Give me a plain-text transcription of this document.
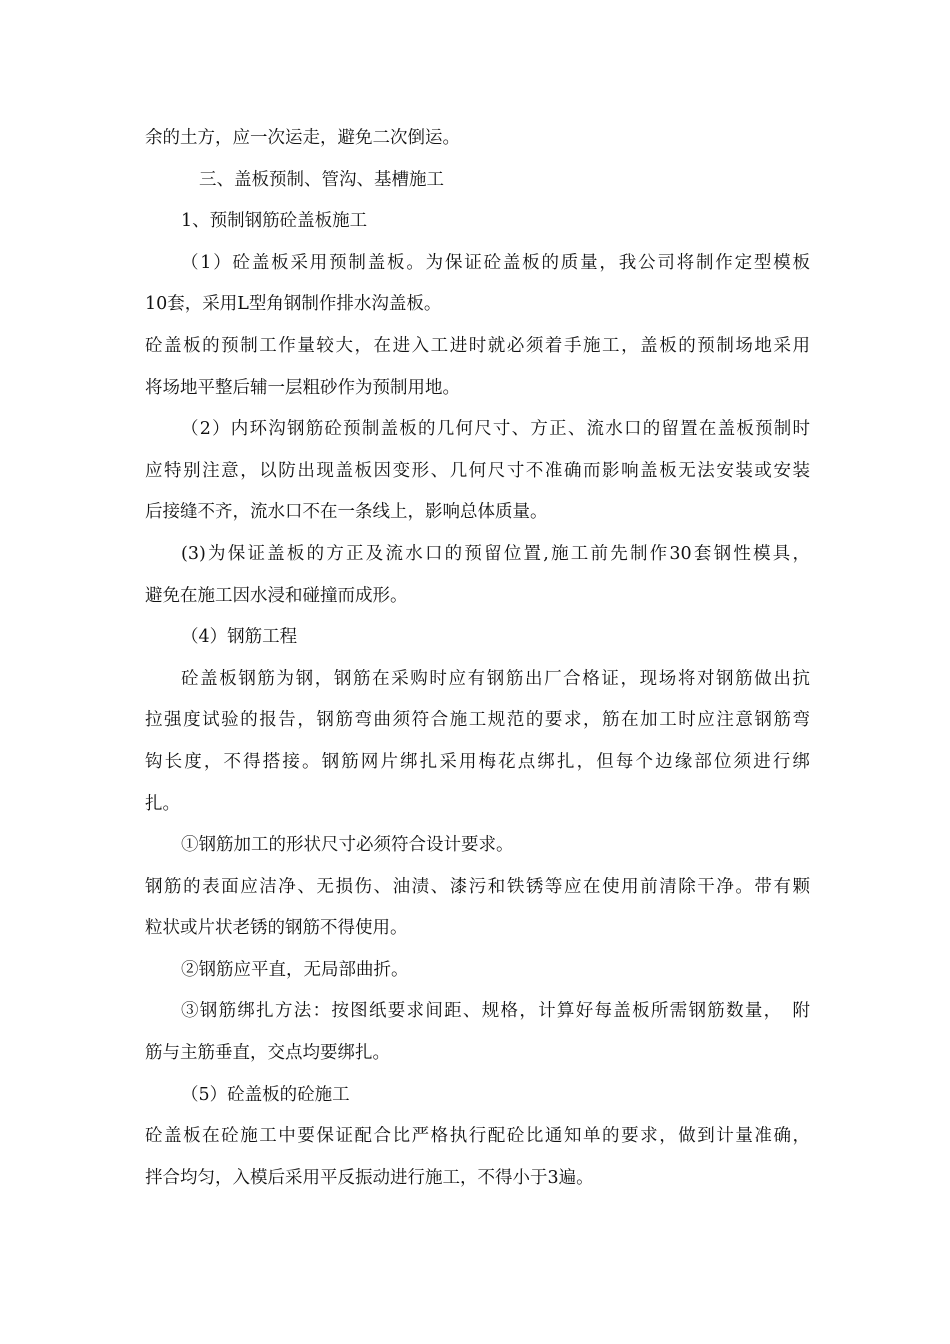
余的土方，应一次运走，避免二次倒运。
三、盖板预制、管沟、基槽施工
1、预制钢筋砼盖板施工
（1）砼盖板采用预制盖板。为保证砼盖板的质量，我公司将制作定型模板
10套，采用L型角钢制作排水沟盖板。
砼盖板的预制工作量较大，在进入工进时就必须着手施工，盖板的预制场地采用
将场地平整后辅一层粗砂作为预制用地。
（2）内环沟钢筋砼预制盖板的几何尺寸、方正、流水口的留置在盖板预制时
应特别注意，以防出现盖板因变形、几何尺寸不准确而影响盖板无法安装或安装
后接缝不齐，流水口不在一条线上，影响总体质量。
(3)为保证盖板的方正及流水口的预留位置,施工前先制作30套钢性模具，
避免在施工因水浸和碰撞而成形。
（4）钢筋工程
砼盖板钢筋为钢，钢筋在采购时应有钢筋出厂合格证，现场将对钢筋做出抗
拉强度试验的报告，钢筋弯曲须符合施工规范的要求，筋在加工时应注意钢筋弯
钩长度，不得搭接。钢筋网片绑扎采用梅花点绑扎，但每个边缘部位须进行绑
扎。
①钢筋加工的形状尺寸必须符合设计要求。
钢筋的表面应洁净、无损伤、油渍、漆污和铁锈等应在使用前清除干净。带有颗
粒状或片状老锈的钢筋不得使用。
②钢筋应平直，无局部曲折。
③钢筋绑扎方法：按图纸要求间距、规格，计算好每盖板所需钢筋数量，　附
筋与主筋垂直，交点均要绑扎。
（5）砼盖板的砼施工
砼盖板在砼施工中要保证配合比严格执行配砼比通知单的要求，做到计量准确，
拌合均匀，入模后采用平反振动进行施工，不得小于3遍。
